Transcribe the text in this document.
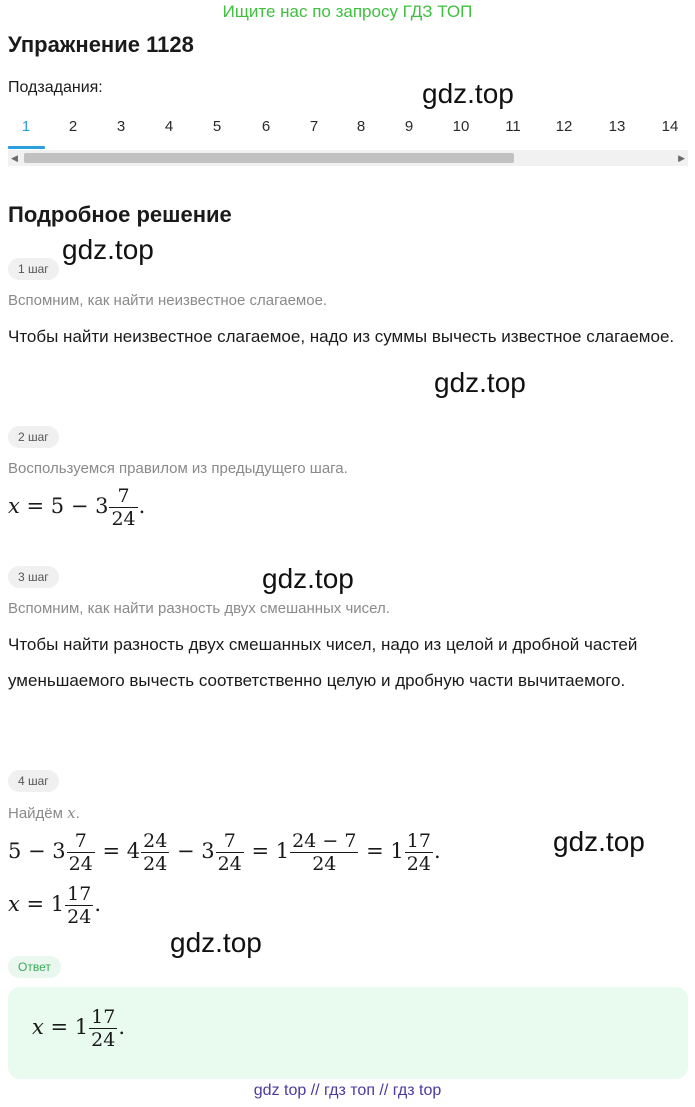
Ищите нас по запросу ГДЗ ТОП
Упражнение 1128
Подзадания:	gdz.top
1	2	3	4	5	6	7	8	9	10	11	12	13	14
◀	▶
Подробное решение
gdz.top
1 шаг
Вспомним, как найти неизвестное слагаемое.
Чтобы найти неизвестное слагаемое, надо из суммы вычесть известное слагаемое.
gdz.top
2 шаг
Воспользуемся правилом из предыдущего шага.
$x = 5 - 3 \frac{7}{24}$ .
3 шаг	gdz.top
Вспомним, как найти разность двух смешанных чисел.
Чтобы найти разность двух смешанных чисел, надо из целой и дробной частей уменьшаемого вычесть соответственно целую и дробную части вычитаемого.
4 шаг
Найдём x.
$5 - 3 \frac{7}{24} = 4 \frac{24}{24} - 3 \frac{7}{24} = 1 \frac{24 - 7}{24} = 1 \frac{17}{24}$ .	gdz.top
$x = 1 \frac{17}{24}$ .
gdz.top
Ответ
$x = 1 \frac{17}{24}$ .
gdz top // гдз топ // гдз top
